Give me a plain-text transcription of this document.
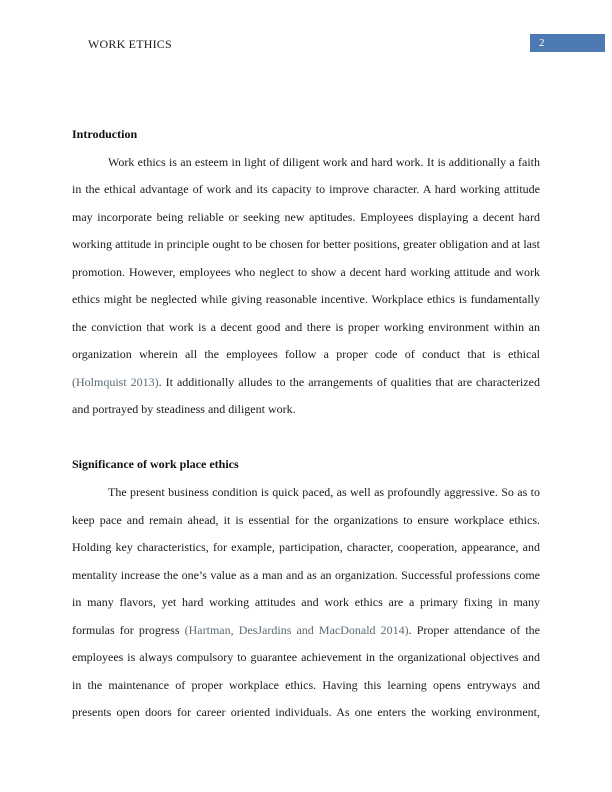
WORK ETHICS	2
Introduction

Work ethics is an esteem in light of diligent work and hard work. It is additionally a faith in the ethical advantage of work and its capacity to improve character. A hard working attitude may incorporate being reliable or seeking new aptitudes. Employees displaying a decent hard working attitude in principle ought to be chosen for better positions, greater obligation and at last promotion. However, employees who neglect to show a decent hard working attitude and work ethics might be neglected while giving reasonable incentive. Workplace ethics is fundamentally the conviction that work is a decent good and there is proper working environment within an organization wherein all the employees follow a proper code of conduct that is ethical (Holmquist 2013). It additionally alludes to the arrangements of qualities that are characterized and portrayed by steadiness and diligent work.

Significance of work place ethics

The present business condition is quick paced, as well as profoundly aggressive. So as to keep pace and remain ahead, it is essential for the organizations to ensure workplace ethics. Holding key characteristics, for example, participation, character, cooperation, appearance, and mentality increase the one’s value as a man and as an organization. Successful professions come in many flavors, yet hard working attitudes and work ethics are a primary fixing in many formulas for progress (Hartman, DesJardins and MacDonald 2014). Proper attendance of the employees is always compulsory to guarantee achievement in the organizational objectives and in the maintenance of proper workplace ethics. Having this learning opens entryways and presents open doors for career oriented individuals. As one enters the working environment,
